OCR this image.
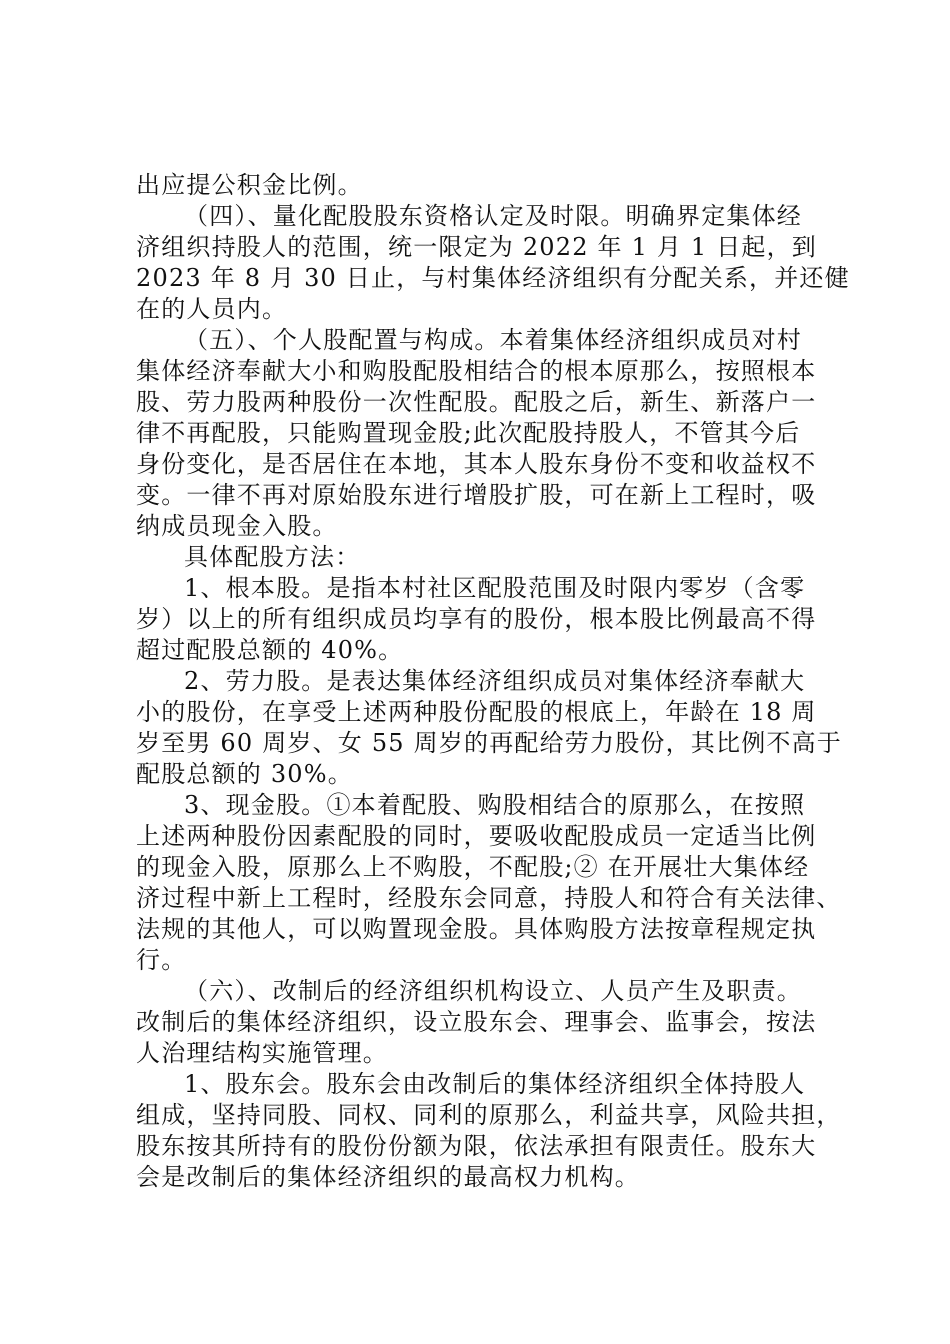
出应提公积金比例。
（四）、量化配股股东资格认定及时限。明确界定集体经
济组织持股人的范围，统一限定为 2022 年 1 月 1 日起，到
2023 年 8 月 30 日止，与村集体经济组织有分配关系，并还健
在的人员内。
（五）、个人股配置与构成。本着集体经济组织成员对村
集体经济奉献大小和购股配股相结合的根本原那么，按照根本
股、劳力股两种股份一次性配股。配股之后，新生、新落户一
律不再配股，只能购置现金股;此次配股持股人，不管其今后
身份变化，是否居住在本地，其本人股东身份不变和收益权不
变。一律不再对原始股东进行增股扩股，可在新上工程时，吸
纳成员现金入股。
具体配股方法：
1、根本股。是指本村社区配股范围及时限内零岁（含零
岁）以上的所有组织成员均享有的股份，根本股比例最高不得
超过配股总额的 40%。
2、劳力股。是表达集体经济组织成员对集体经济奉献大
小的股份，在享受上述两种股份配股的根底上，年龄在 18 周
岁至男 60 周岁、女 55 周岁的再配给劳力股份，其比例不高于
配股总额的 30%。
3、现金股。①本着配股、购股相结合的原那么，在按照
上述两种股份因素配股的同时，要吸收配股成员一定适当比例
的现金入股，原那么上不购股，不配股;② 在开展壮大集体经
济过程中新上工程时，经股东会同意，持股人和符合有关法律、
法规的其他人，可以购置现金股。具体购股方法按章程规定执
行。
（六）、改制后的经济组织机构设立、人员产生及职责。
改制后的集体经济组织，设立股东会、理事会、监事会，按法
人治理结构实施管理。
1、股东会。股东会由改制后的集体经济组织全体持股人
组成，坚持同股、同权、同利的原那么，利益共享，风险共担，
股东按其所持有的股份份额为限，依法承担有限责任。股东大
会是改制后的集体经济组织的最高权力机构。
